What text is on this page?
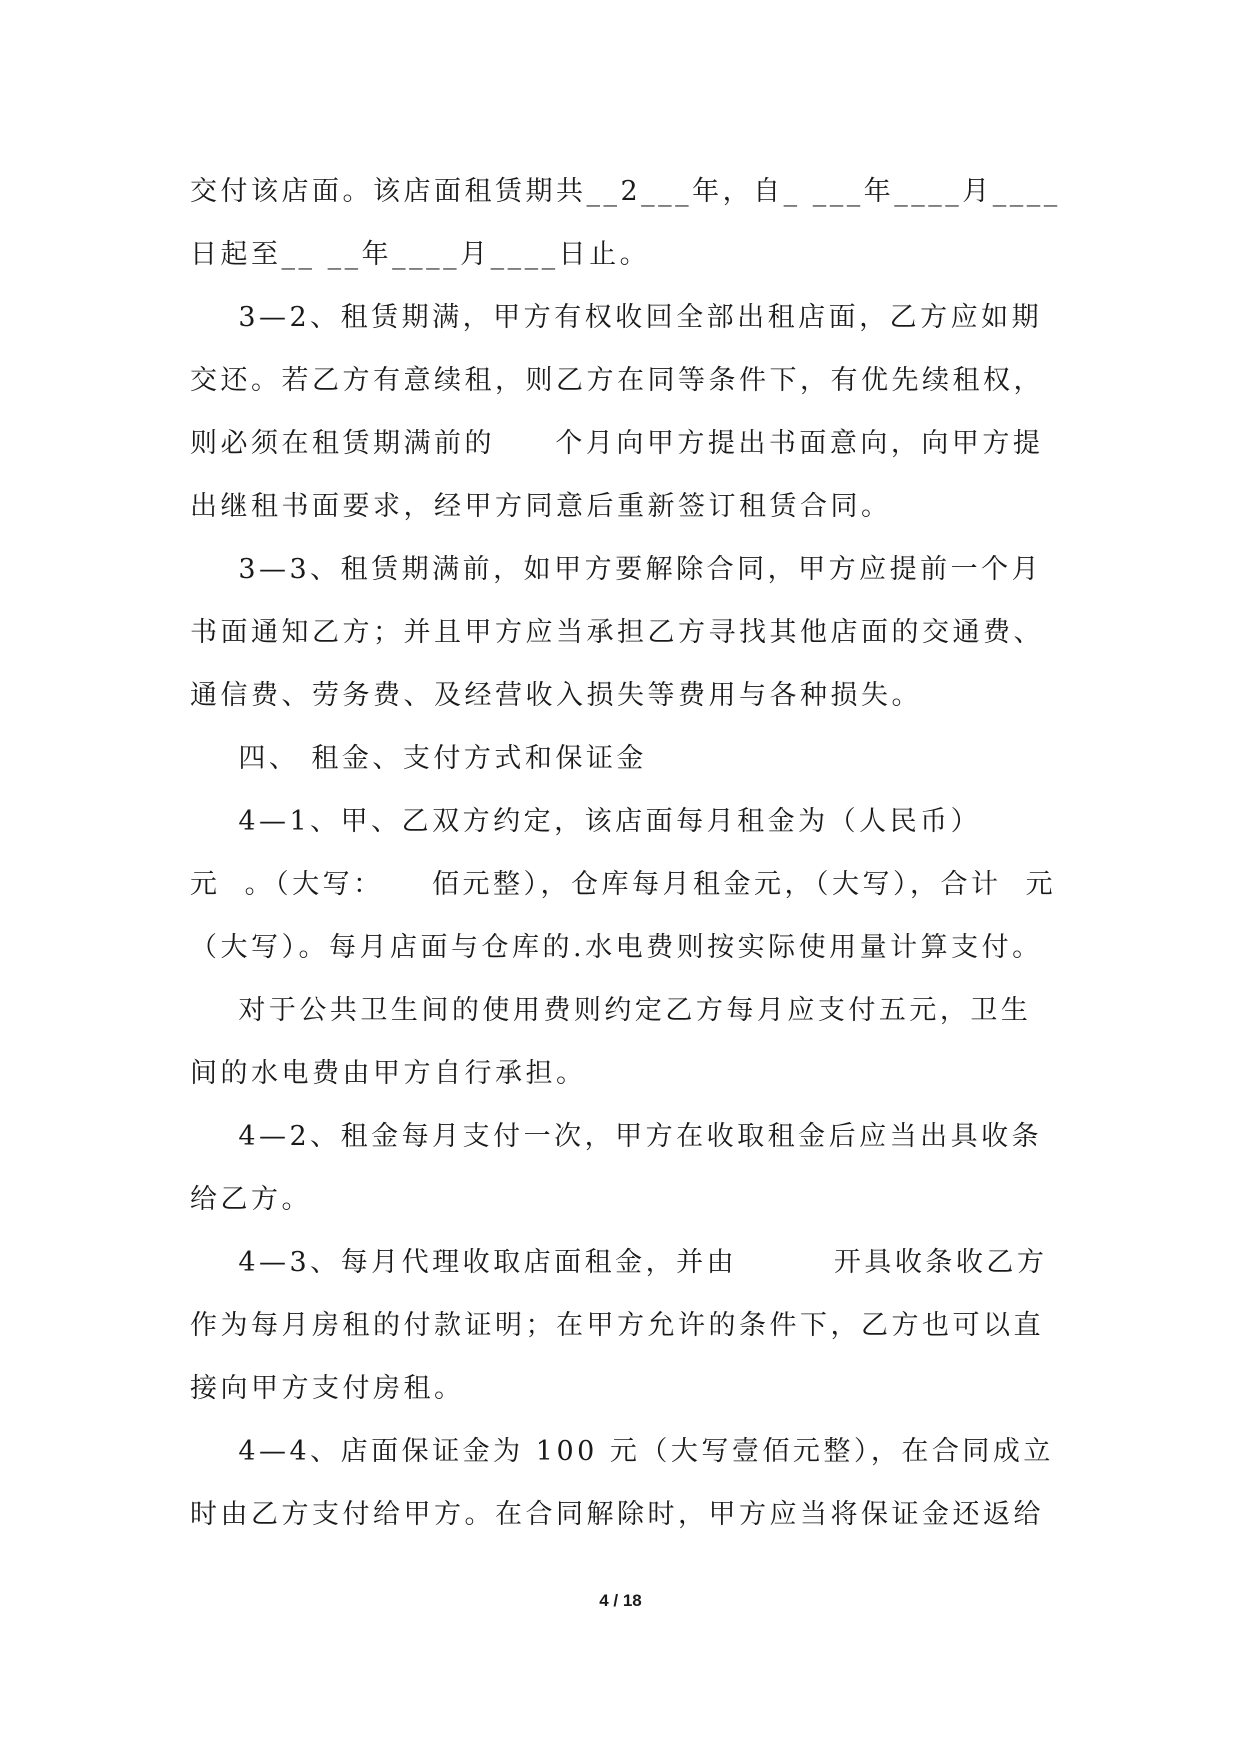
交付该店面。该店面租赁期共__2___年，自_ ___年____月____
日起至__ __年____月____日止。
3—2、租赁期满，甲方有权收回全部出租店面，乙方应如期
交还。若乙方有意续租，则乙方在同等条件下，有优先续租权，
则必须在租赁期满前的     个月向甲方提出书面意向，向甲方提
出继租书面要求，经甲方同意后重新签订租赁合同。
3—3、租赁期满前，如甲方要解除合同，甲方应提前一个月
书面通知乙方；并且甲方应当承担乙方寻找其他店面的交通费、
通信费、劳务费、及经营收入损失等费用与各种损失。
四、 租金、支付方式和保证金
4—1、甲、乙双方约定，该店面每月租金为（人民币）
元  。（大写：    佰元整），仓库每月租金元，（大写），合计  元
（大写）。每月店面与仓库的.水电费则按实际使用量计算支付。
对于公共卫生间的使用费则约定乙方每月应支付五元，卫生
间的水电费由甲方自行承担。
4—2、租金每月支付一次，甲方在收取租金后应当出具收条
给乙方。
4—3、每月代理收取店面租金，并由        开具收条收乙方
作为每月房租的付款证明；在甲方允许的条件下，乙方也可以直
接向甲方支付房租。
4—4、店面保证金为 100 元（大写壹佰元整），在合同成立
时由乙方支付给甲方。在合同解除时，甲方应当将保证金还返给
4 / 18
